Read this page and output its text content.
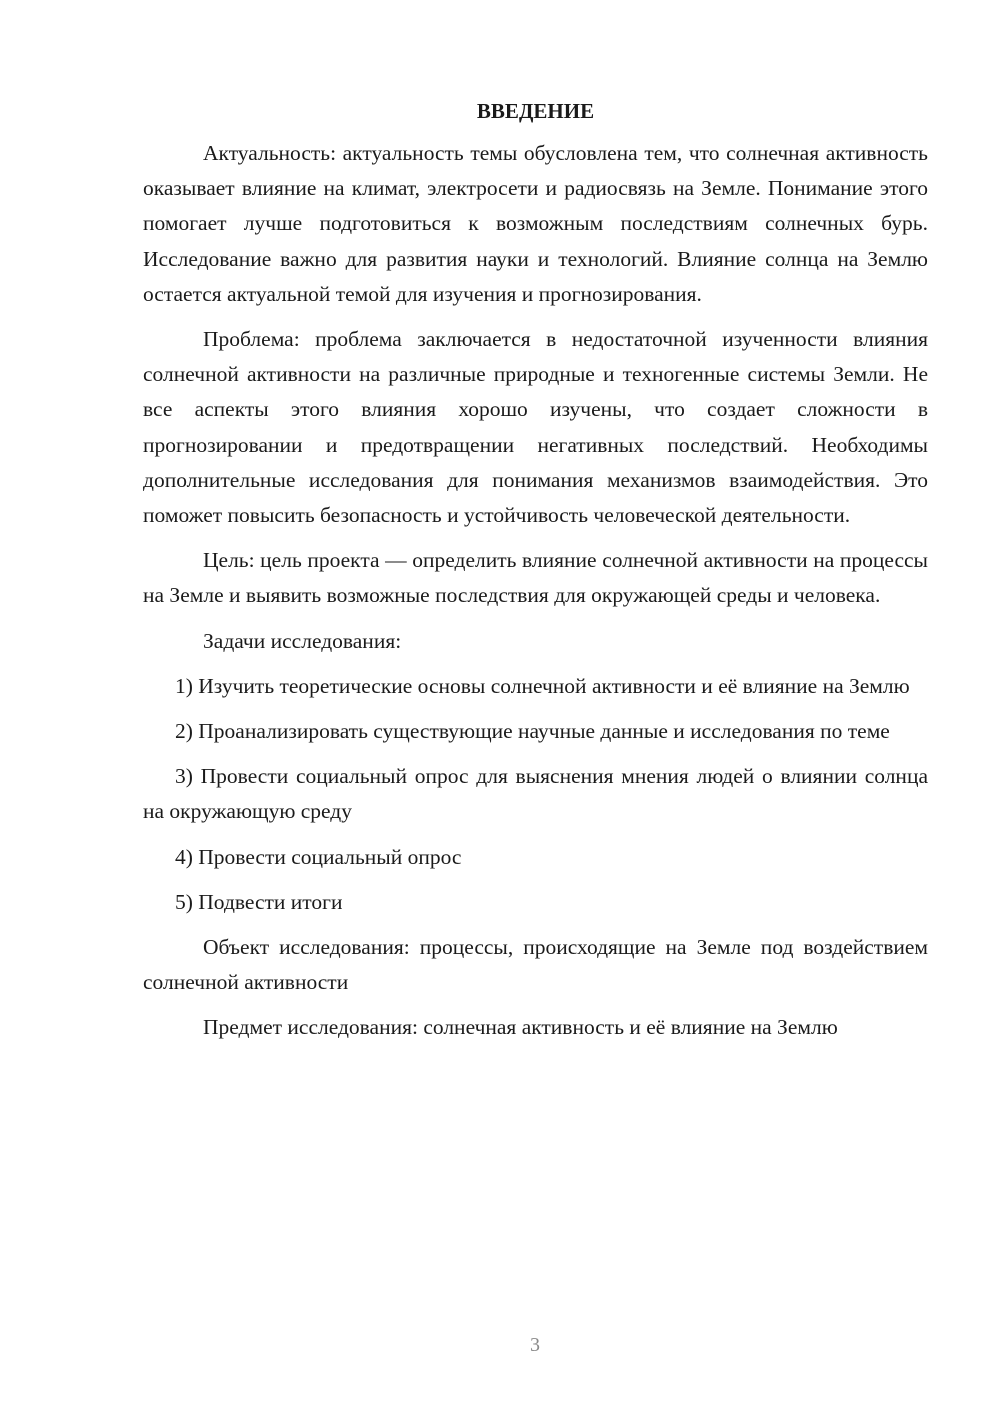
ВВЕДЕНИЕ

Актуальность: актуальность темы обусловлена тем, что солнечная активность оказывает влияние на климат, электросети и радиосвязь на Земле. Понимание этого помогает лучше подготовиться к возможным последствиям солнечных бурь. Исследование важно для развития науки и технологий. Влияние солнца на Землю остается актуальной темой для изучения и прогнозирования.

Проблема: проблема заключается в недостаточной изученности влияния солнечной активности на различные природные и техногенные системы Земли. Не все аспекты этого влияния хорошо изучены, что создает сложности в прогнозировании и предотвращении негативных последствий. Необходимы дополнительные исследования для понимания механизмов взаимодействия. Это поможет повысить безопасность и устойчивость человеческой деятельности.

Цель: цель проекта — определить влияние солнечной активности на процессы на Земле и выявить возможные последствия для окружающей среды и человека.

Задачи исследования:

1) Изучить теоретические основы солнечной активности и её влияние на Землю

2) Проанализировать существующие научные данные и исследования по теме

3) Провести социальный опрос для выяснения мнения людей о влиянии солнца на окружающую среду

4) Провести социальный опрос

5) Подвести итоги

Объект исследования: процессы, происходящие на Земле под воздействием солнечной активности

Предмет исследования: солнечная активность и её влияние на Землю

3
